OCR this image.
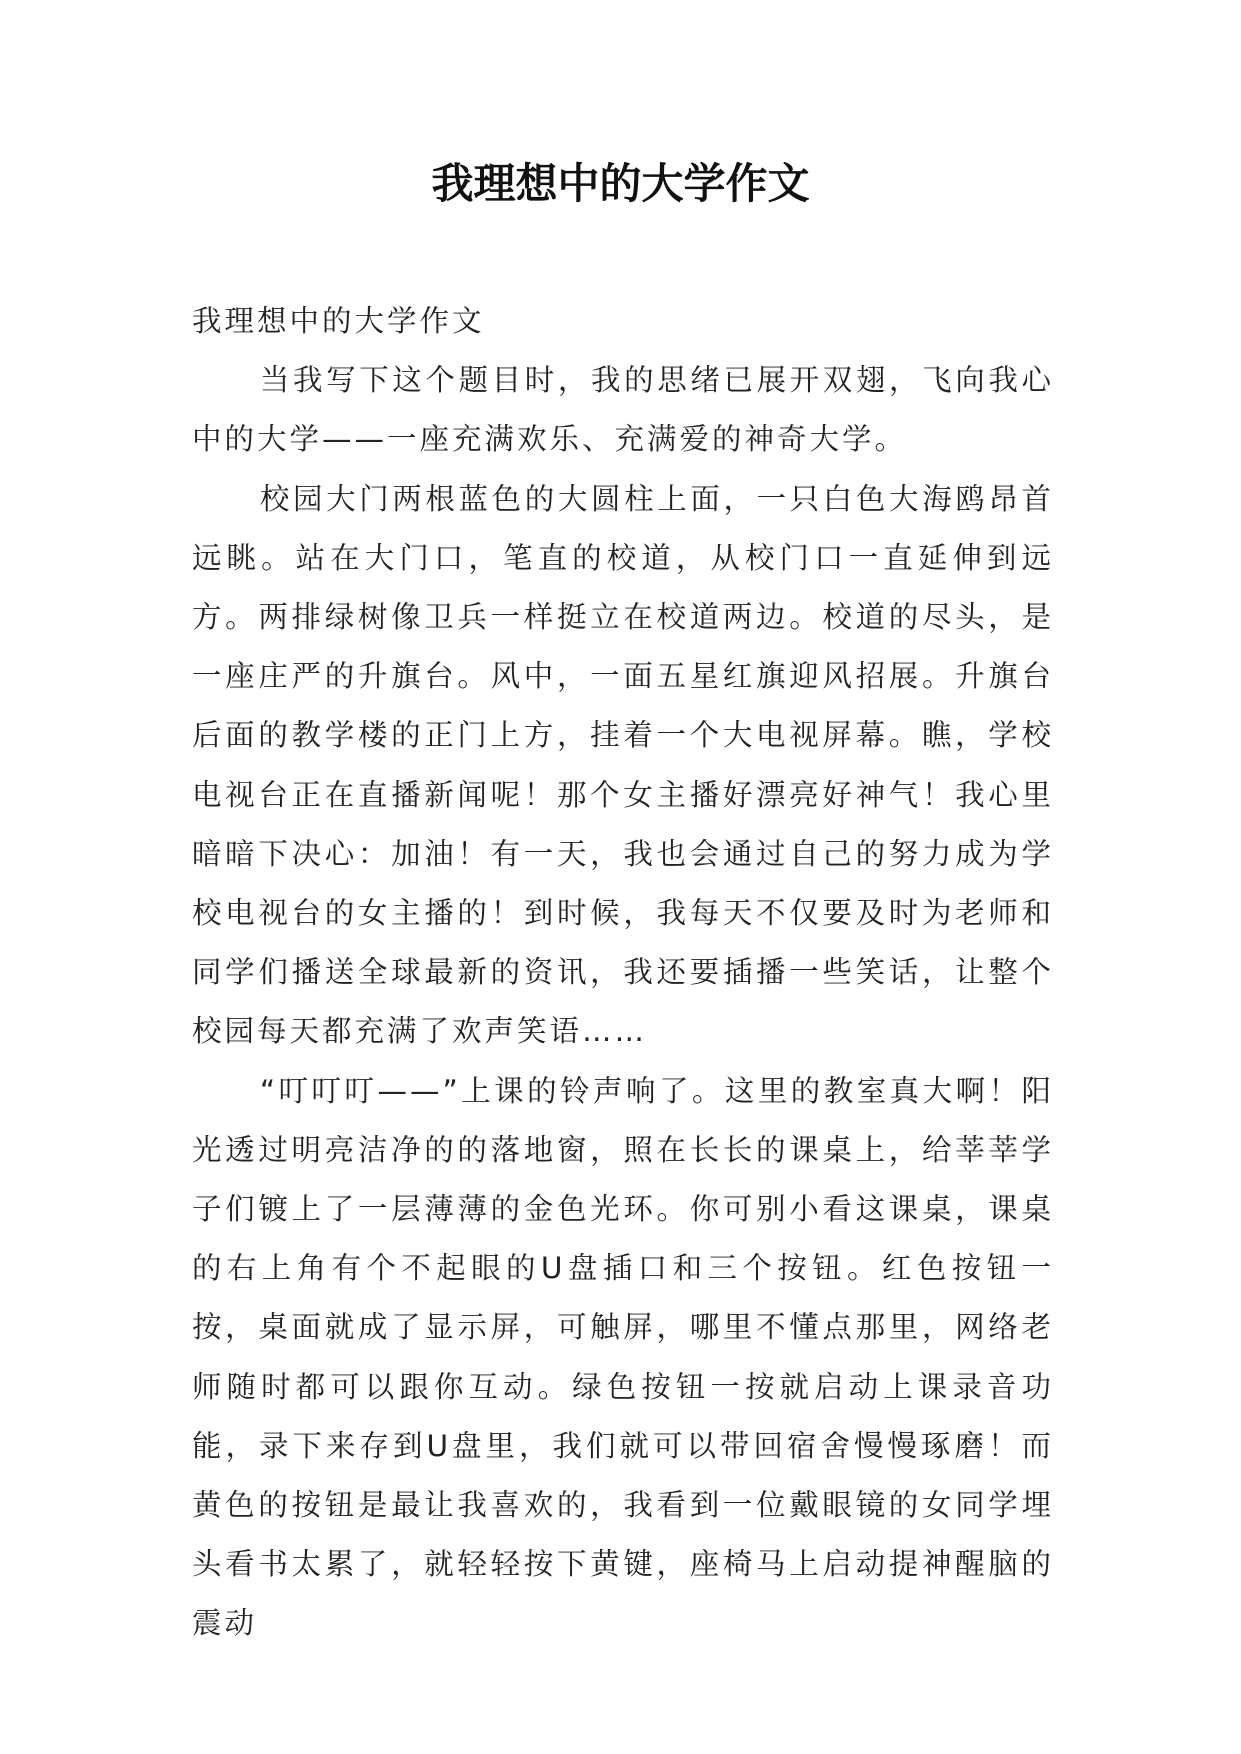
我理想中的大学作文

我理想中的大学作文

当我写下这个题目时，我的思绪已展开双翅，飞向我心中的大学——一座充满欢乐、充满爱的神奇大学。

校园大门两根蓝色的大圆柱上面，一只白色大海鸥昂首远眺。站在大门口，笔直的校道，从校门口一直延伸到远方。两排绿树像卫兵一样挺立在校道两边。校道的尽头，是一座庄严的升旗台。风中，一面五星红旗迎风招展。升旗台后面的教学楼的正门上方，挂着一个大电视屏幕。瞧，学校电视台正在直播新闻呢！那个女主播好漂亮好神气！我心里暗暗下决心：加油！有一天，我也会通过自己的努力成为学校电视台的女主播的！到时候，我每天不仅要及时为老师和同学们播送全球最新的资讯，我还要插播一些笑话，让整个校园每天都充满了欢声笑语……

“叮叮叮——”上课的铃声响了。这里的教室真大啊！阳光透过明亮洁净的的落地窗，照在长长的课桌上，给莘莘学子们镀上了一层薄薄的金色光环。你可别小看这课桌，课桌的右上角有个不起眼的U盘插口和三个按钮。红色按钮一按，桌面就成了显示屏，可触屏，哪里不懂点那里，网络老师随时都可以跟你互动。绿色按钮一按就启动上课录音功能，录下来存到U盘里，我们就可以带回宿舍慢慢琢磨！而黄色的按钮是最让我喜欢的，我看到一位戴眼镜的女同学埋头看书太累了，就轻轻按下黄键，座椅马上启动提神醒脑的震动
